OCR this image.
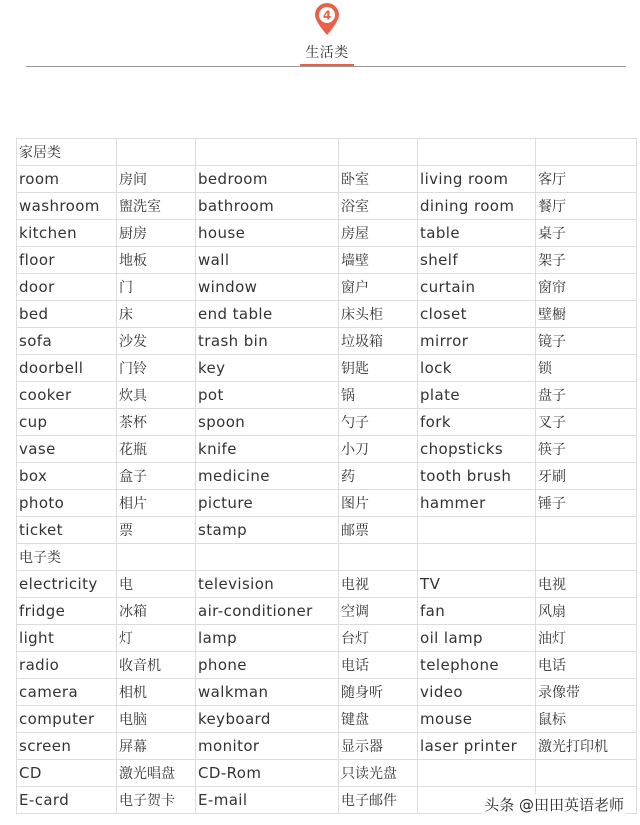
4
生活类
家居类					
room	房间	bedroom	卧室	living room	客厅
washroom	盥洗室	bathroom	浴室	dining room	餐厅
kitchen	厨房	house	房屋	table	桌子
floor	地板	wall	墙壁	shelf	架子
door	门	window	窗户	curtain	窗帘
bed	床	end table	床头柜	closet	壁橱
sofa	沙发	trash bin	垃圾箱	mirror	镜子
doorbell	门铃	key	钥匙	lock	锁
cooker	炊具	pot	锅	plate	盘子
cup	茶杯	spoon	勺子	fork	叉子
vase	花瓶	knife	小刀	chopsticks	筷子
box	盒子	medicine	药	tooth brush	牙刷
photo	相片	picture	图片	hammer	锤子
ticket	票	stamp	邮票		
电子类					
electricity	电	television	电视	TV	电视
fridge	冰箱	air-conditioner	空调	fan	风扇
light	灯	lamp	台灯	oil lamp	油灯
radio	收音机	phone	电话	telephone	电话
camera	相机	walkman	随身听	video	录像带
computer	电脑	keyboard	键盘	mouse	鼠标
screen	屏幕	monitor	显示器	laser printer	激光打印机
CD	激光唱盘	CD-Rom	只读光盘		
E-card	电子贺卡	E-mail	电子邮件			头条 @田田英语老师
